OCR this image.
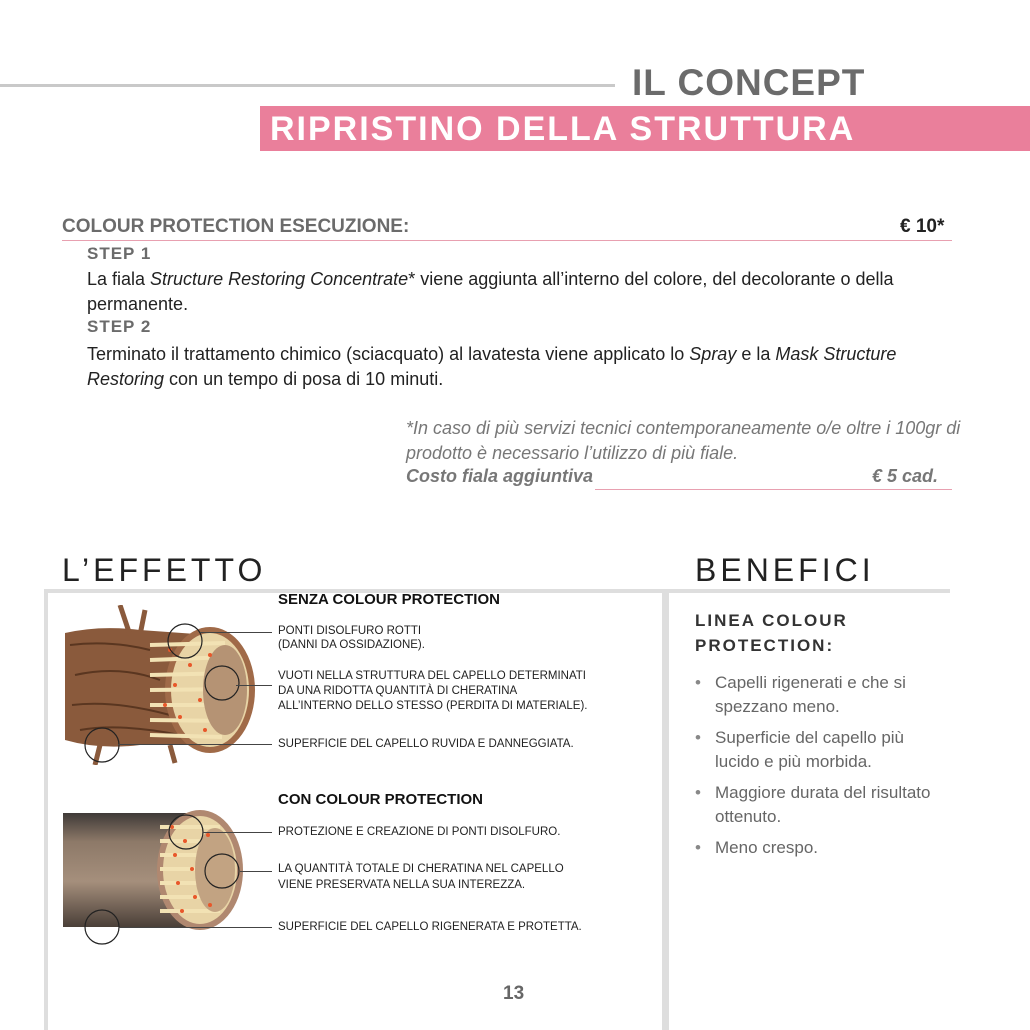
IL CONCEPT
RIPRISTINO DELLA STRUTTURA
COLOUR PROTECTION ESECUZIONE:	€ 10*
STEP 1
La fiala Structure Restoring Concentrate* viene aggiunta all’interno del colore, del decolorante o della permanente.
STEP 2
Terminato il trattamento chimico (sciacquato) al lavatesta viene applicato lo Spray e la Mask Structure Restoring con un tempo di posa di 10 minuti.
*In caso di più servizi tecnici contemporaneamente o/e oltre i 100gr di prodotto è necessario l’utilizzo di più fiale.
Costo fiala aggiuntiva	€ 5 cad.
L’EFFETTO
SENZA COLOUR PROTECTION
PONTI DISOLFURO ROTTI
(DANNI DA OSSIDAZIONE).
VUOTI NELLA STRUTTURA DEL CAPELLO DETERMINATI
DA UNA RIDOTTA QUANTITÀ DI CHERATINA
ALL’INTERNO DELLO STESSO (PERDITA DI MATERIALE).
SUPERFICIE DEL CAPELLO RUVIDA E DANNEGGIATA.
CON COLOUR PROTECTION
PROTEZIONE E CREAZIONE DI PONTI DISOLFURO.
LA QUANTITÀ TOTALE DI CHERATINA NEL CAPELLO
VIENE PRESERVATA NELLA SUA INTEREZZA.
SUPERFICIE DEL CAPELLO RIGENERATA E PROTETTA.
BENEFICI
LINEA COLOUR PROTECTION:
• Capelli rigenerati e che si spezzano meno.
• Superficie del capello più lucido e più morbida.
• Maggiore durata del risultato ottenuto.
• Meno crespo.
13
